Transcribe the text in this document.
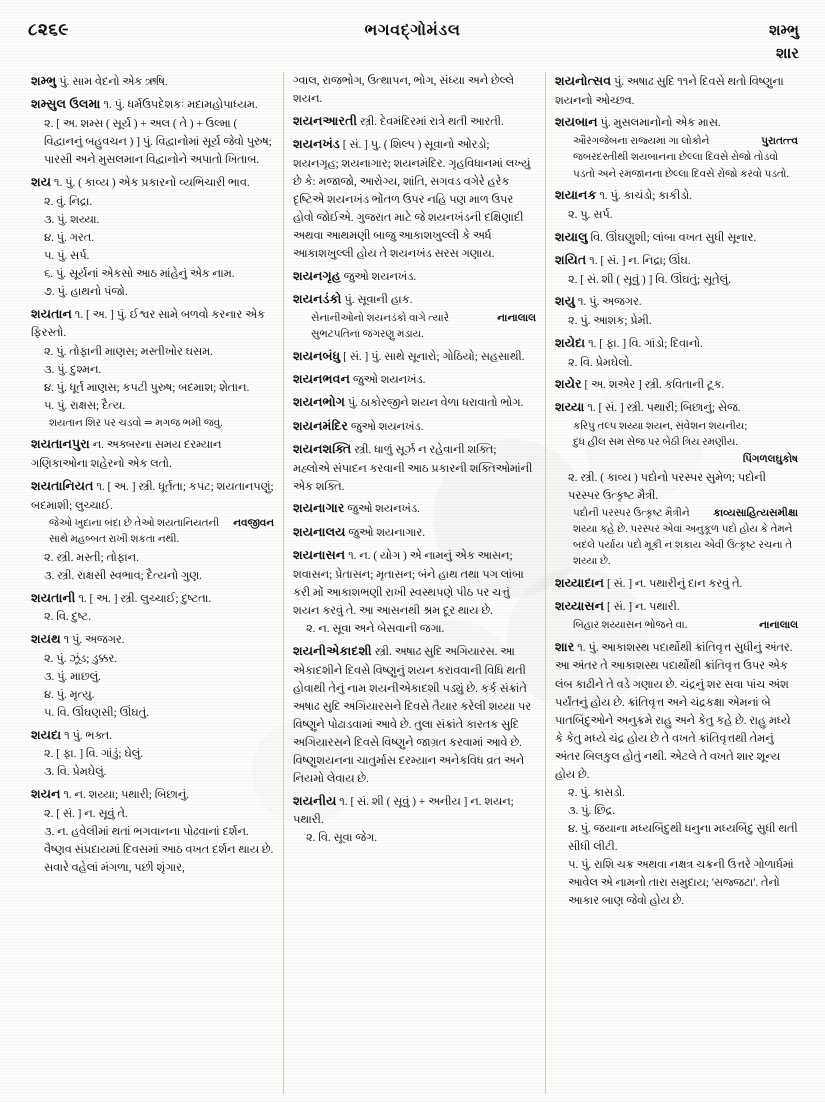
૮૨૬૯	ભગવદ્ગોમંડલ	શમ્ભુ
શાર
શમ્ભુ પું. સામ વેદનો એક ઋષિ.
શમ્સુલ ઉલમા ૧. પું. ધર્મઉપદેશકઃ મદામહોપાધ્યમ.
૨. [ અ. શમ્સ ( સૂર્ય ) + અલ ( તે ) + ઉલ્મા ( વિદ્વાનનું બહુવચન ) ] પું. વિદ્વાનોમાં સૂર્ય જેવો પુરુષ; પારસી અને મુસલમાન વિદ્વાનોને અપાતો ખિતાબ.
શય ૧. પું. ( કાવ્ય ) એક પ્રકારનો વ્યભિચારી ભાવ.
૨. વું. નિદ્રા.
૩. પું. શય્યા.
૪. પું. ગરત.
૫. પું. સર્પ.
૬. પું. સૂર્યનાં એકસો આઠ માંહેનું એક નામ.
૭. પું. હાથનો પંજો.
શયતાન ૧. [ અ. ] પું. ઈશ્વર સામે બળવો કરનાર એક ફિરસ્તો.
૨. પું. તોફાની માણસ; મસ્તીખોર ઘસમ.
૩. પું. દુશ્મન.
૪. પું. ધૂર્ત માણસ; કપટી પુરુષ; બદમાશ; શેતાન.
૫. પું. રાક્ષસ; દૈત્ય.
શયતાન શિર પર ચડવો ⇒ મગજ ભમી જવું.
શયતાનપુરા ન. અક્બરના સમય દરમ્યાન ગણિકાઓના શહેરનો એક લતો.
શયતાનિયત ૧. [ અ. ] સ્ત્રી. ધૂર્તતા; કપટ; શયતાનપણું; બદમાશી; લુચ્ચાઈ.
નવજીવન
જેઓ ખુદાના બંદા છે તેઓ શયતાનિયતની સાથે મહબ્બત રાખી શકતા નથી.
૨. સ્ત્રી. મસ્તી; તોફાન.
૩. સ્ત્રી. રાક્ષસી સ્વભાવ; દૈત્યનો ગુણ.
શયતાની ૧. [ અ. ] સ્ત્રી. લુચ્ચાઈ; દુષ્ટતા.
૨. વિ. દુષ્ટ.
શયથ ૧ પું. અજગર.
૨. પું. ઝૂંડ; ડુક્કર.
૩. પું. માછલું.
૪. પું. મૃત્યુ.
૫. વિ. ઊંઘણસી; ઊંઘતું.
શયદા ૧ પું. ભક્ત.
૨. [ ફા. ] વિ. ગાંડું; ઘેલું.
૩. વિ. પ્રેમઘેલું.
શયન ૧. ન. શય્યા; પથારી; બિછાનું.
૨. [ સં. ] ન. સૂવું તે.
૩. ન. હવેલીમાં થતાં ભગવાનના પોઢવાનાં દર્શન. વૈષ્ણવ સંપ્રદાયમાં દિવસમાં આઠ વખત દર્શન થાય છે. સવારે વહેલાં મંગળા, પછી શૃંગાર,
ગ્વાલ, રાજભોગ, ઉત્થાપન, ભોગ, સંધ્યા અને છેલ્લે શયન.
શયનઆરતી સ્ત્રી. દેવમંદિરમાં રાત્રે થતી આરતી.
શયનખંડ [ સં. ] પુ. ( શિલ્પ ) સૂવાનો ઓરડો; શયનગૃહ; શયનાગાર; શયનમંદિર. ગૃહવિધાનમાં લખ્યું છે કે: મજાજો, આરોગ્ય, શાંતિ, સગવડ વગેરે હરેક દૃષ્ટિએ શયનખંડ ભોંતળ ઉપર નહિ પણ માળ ઉપર હોવો જોઈએ. ગુજરાત માટે જે શયનખંડની દક્ષિણાદી અથવા આથમણી બાજુ આકાશખુલ્લી કે અર્ધ આકાશખુલ્લી હોય તે શયનખંડ સરસ ગણાય.
શયનગૃહ જુઓ શયનખંડ.
શયનડંકો પું. સૂવાની હાક.
નાનાલાલ
સેનાનીઓનો શયનડંકો વાગે ત્યારે સુભટપતિનાં જગરણુ મંડાય.
શયનબંધુ [ સં. ] પું. સાથે સૂનારો; ગોઠિયો; સહસાથી.
શયનભવન જુઓ શયનખંડ.
શયનભોગ પું. ઠાકોરજીને શયન વેળા ધરાવાતો ભોગ.
શયનમંદિર જુઓ શયનખંડ.
શયનશક્તિ સ્ત્રી. ધાળું સૂર્ઝ ન રહેવાની શક્તિ; મહ્લોએ સંપાદન કરવાની આઠ પ્રકારની શક્તિઓમાંની એક શક્તિ.
શયનાગાર જુઓ શયનખંડ.
શયનાલય જુઓ શયનાગાર.
શયનાસન ૧. ન. ( યોગ ) એ નામનું એક આસન; શવાસન; પ્રેતાસન; મૃતાસન; બંને હાથ તથા પગ લાંબા કરી મોં આકાશભણી રાખી સ્વસ્થપણે પીઠ પર ચત્તું શયન કરવું તે. આ આસનથી શ્રમ દૂર થાય છે.
૨. ન. સૂવા અને બેસવાની જગા.
શયનીએકાદશી સ્ત્રી. અષાઢ સુદિ અગિયારસ. આ એકાદશીને દિવસે વિષ્ણુનું શયન કરાવવાની વિધિ થતી હોવાથી તેનું નામ શયનીએકાદશી પડ્યું છે. કર્ક સંક્રાંતે અષાઢ સુદિ અગિયારસને દિવસે તૈયાર કરેલી શય્યા પર વિષ્ણુને પોઢાડવામાં આવે છે. તુલા સંક્રાંતે કારતક સુદિ અગિયારસને દિવસે વિષ્ણુને જાગ્રત કરવામાં આવે છે. વિષ્ણુશયનના ચાતુર્માસ દરમ્યાન અનેકવિધ વ્રત અને નિયમો લેવાય છે.
શયનીય ૧. [ સં. શી ( સૂવું ) + અનીય ] ન. શયન; પથારી.
૨. વિ. સૂવા જેગ.
શયનોત્સવ પું. અષાઢ સુદિ ૧૧ને દિવસે થતો વિષ્ણુના શયનનો ઓચ્છવ.
શયબાન પું. મુસલમાનોનો એક માસ.
પુરાતત્ત્વ
ઔરંગજેબના રાજ્યમાં ગા લોકોને જબરદસ્તીથી શયબાનના છેલ્લા દિવસે રોજો તોડવો પડતો અને રમજાનના છેલ્લા દિવસે રોજો કરવો પડતો.
શયાનક ૧. પું. કાચંડો; કાકીડો.
૨. પુ. સર્પ.
શયાલુ વિ. ઊંઘણુશી; લાંબા વખત સુધી સૂનાર.
શયિત ૧. [ સં. ] ન. નિદ્રા; ઊંઘ.
૨. [ સં. શી ( સૂવું ) ] વિ. ઊંઘતું; સૂતેલું.
શયુ ૧. પું. અજગર.
૨. પું. આશક; પ્રેમી.
શયેદા ૧. [ ફા. ] વિ. ગાંડો; દિવાનો.
૨. વિ. પ્રેમઘેલો.
શયેર [ અ. શએર ] સ્ત્રી. કવિતાની ટૂક.
શય્યા ૧. [ સં. ] સ્ત્રી. પથારી; બિછાનું; સેજ.
કરિપુ તલ્પ શય્યા શયન, સંવેશન શયનીય;
દુધ હીલ સમ સેજ પર બેઠી ત્રિય રમણીય.
પિંગળલઘુકોષ
૨. સ્ત્રી. ( કાવ્ય ) પદોનો પરસ્પર સુમેળ; પદોની પરસ્પર ઉત્કૃષ્ટ મૈત્રી.
કાવ્યસાહિત્યસમીક્ષા
પદોની પરસ્પર ઉત્કૃષ્ટ મૈત્રીને શય્યા કહે છે. પરસ્પર એવાં અનુકૂળ પદો હોય કે તેમને બદલે પર્યાય પદો મૂકી ન શકાય એવી ઉત્કૃષ્ટ રચના તે શય્યા છે.
શય્યાદાન [ સં. ] ન. પથારીનું દાન કરવું તે.
શય્યાસન [ સં. ] ન. પથારી.
નાનાલાલ
બિહાર શય્યાસન ભોજને વા.
શાર ૧. પું. આકાશસ્થ પદાર્થોથી ક્રાંતિવૃત્ત સુધીનું અંતર. આ અંતર તે આકાશસ્થ પદાર્થોથી ક્રાંતિવૃત્ત ઉપર એક લંબ કાઢીને તે વડે ગણાય છે. ચંદ્રનું શર સવા પાંચ અંશ પર્યંતનું હોય છે. ક્રાંતિવૃત્ત અને ચંદ્રકક્ષા એમનાં બે પાતબિંદુઓને અનુક્રમે રાહુ અને કેતુ કહે છે. રાહુ મધ્યે કે કેતુ મધ્યે ચંદ્ર હોય છે તે વખતે ક્રાંતિવૃત્તથી તેમનું અંતર બિલકુલ હોતું નથી. એટલે તે વખતે શાર શૂન્ય હોય છે.
૨. પું. કાસડો.
૩. પું. છિદ્ર.
૪. પું. જયાના મધ્યબિંદુથી ધનુના મધ્યબિંદુ સુધી થતી સીધી લીટી.
૫. પું. રાશિ ચક્ર અથવા નક્ષત્ર ચક્રની ઉત્તરે ગોળાર્ધમાં આવેલ એ નામનો તારા સમુદાય; 'સજ્જટા'. તેનો આકાર બાણ જેવો હોય છે.
